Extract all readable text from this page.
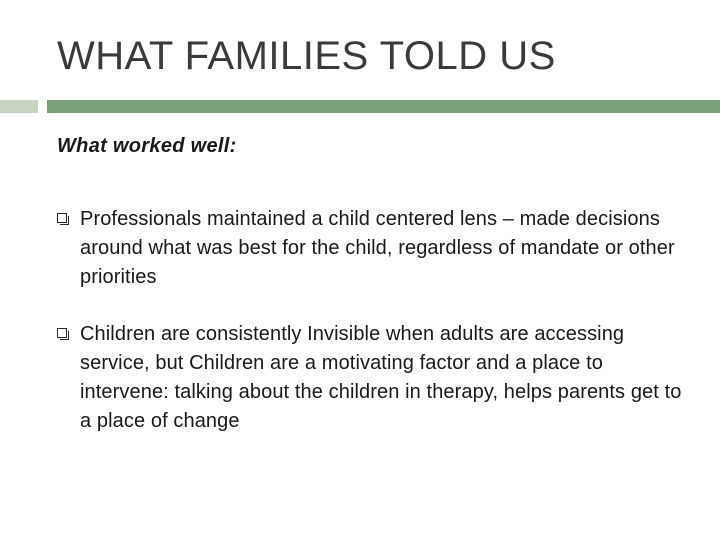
WHAT FAMILIES TOLD US
What worked well:
Professionals maintained a child centered lens – made decisions around what was best for the child, regardless of mandate or other priorities
Children are consistently Invisible when adults are accessing service, but Children are a motivating factor and a place to intervene: talking about the children in therapy, helps parents get to a place of change
